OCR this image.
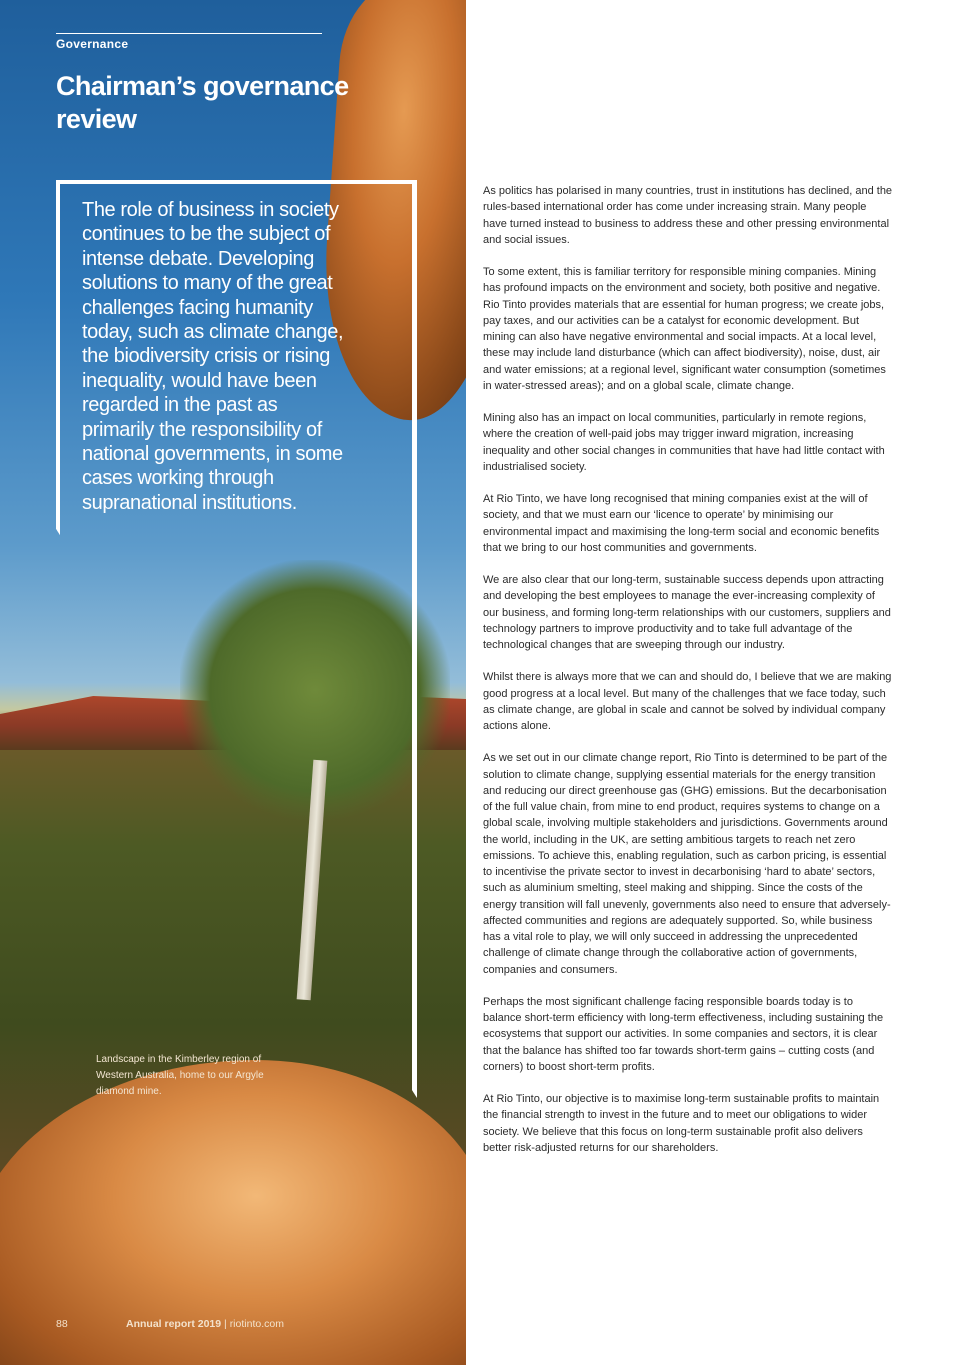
Governance
Chairman’s governance review
The role of business in society continues to be the subject of intense debate. Developing solutions to many of the great challenges facing humanity today, such as climate change, the biodiversity crisis or rising inequality, would have been regarded in the past as primarily the responsibility of national governments, in some cases working through supranational institutions.
Landscape in the Kimberley region of Western Australia, home to our Argyle diamond mine.
88	Annual report 2019 | riotinto.com

As politics has polarised in many countries, trust in institutions has declined, and the rules-based international order has come under increasing strain. Many people have turned instead to business to address these and other pressing environmental and social issues.

To some extent, this is familiar territory for responsible mining companies. Mining has profound impacts on the environment and society, both positive and negative. Rio Tinto provides materials that are essential for human progress; we create jobs, pay taxes, and our activities can be a catalyst for economic development. But mining can also have negative environmental and social impacts. At a local level, these may include land disturbance (which can affect biodiversity), noise, dust, air and water emissions; at a regional level, significant water consumption (sometimes in water-stressed areas); and on a global scale, climate change.

Mining also has an impact on local communities, particularly in remote regions, where the creation of well-paid jobs may trigger inward migration, increasing inequality and other social changes in communities that have had little contact with industrialised society.

At Rio Tinto, we have long recognised that mining companies exist at the will of society, and that we must earn our ‘licence to operate’ by minimising our environmental impact and maximising the long-term social and economic benefits that we bring to our host communities and governments.

We are also clear that our long-term, sustainable success depends upon attracting and developing the best employees to manage the ever-increasing complexity of our business, and forming long-term relationships with our customers, suppliers and technology partners to improve productivity and to take full advantage of the technological changes that are sweeping through our industry.

Whilst there is always more that we can and should do, I believe that we are making good progress at a local level. But many of the challenges that we face today, such as climate change, are global in scale and cannot be solved by individual company actions alone.

As we set out in our climate change report, Rio Tinto is determined to be part of the solution to climate change, supplying essential materials for the energy transition and reducing our direct greenhouse gas (GHG) emissions. But the decarbonisation of the full value chain, from mine to end product, requires systems to change on a global scale, involving multiple stakeholders and jurisdictions. Governments around the world, including in the UK, are setting ambitious targets to reach net zero emissions. To achieve this, enabling regulation, such as carbon pricing, is essential to incentivise the private sector to invest in decarbonising ‘hard to abate’ sectors, such as aluminium smelting, steel making and shipping. Since the costs of the energy transition will fall unevenly, governments also need to ensure that adversely-affected communities and regions are adequately supported. So, while business has a vital role to play, we will only succeed in addressing the unprecedented challenge of climate change through the collaborative action of governments, companies and consumers.

Perhaps the most significant challenge facing responsible boards today is to balance short-term efficiency with long-term effectiveness, including sustaining the ecosystems that support our activities. In some companies and sectors, it is clear that the balance has shifted too far towards short-term gains – cutting costs (and corners) to boost short-term profits.

At Rio Tinto, our objective is to maximise long-term sustainable profits to maintain the financial strength to invest in the future and to meet our obligations to wider society. We believe that this focus on long-term sustainable profit also delivers better risk-adjusted returns for our shareholders.
